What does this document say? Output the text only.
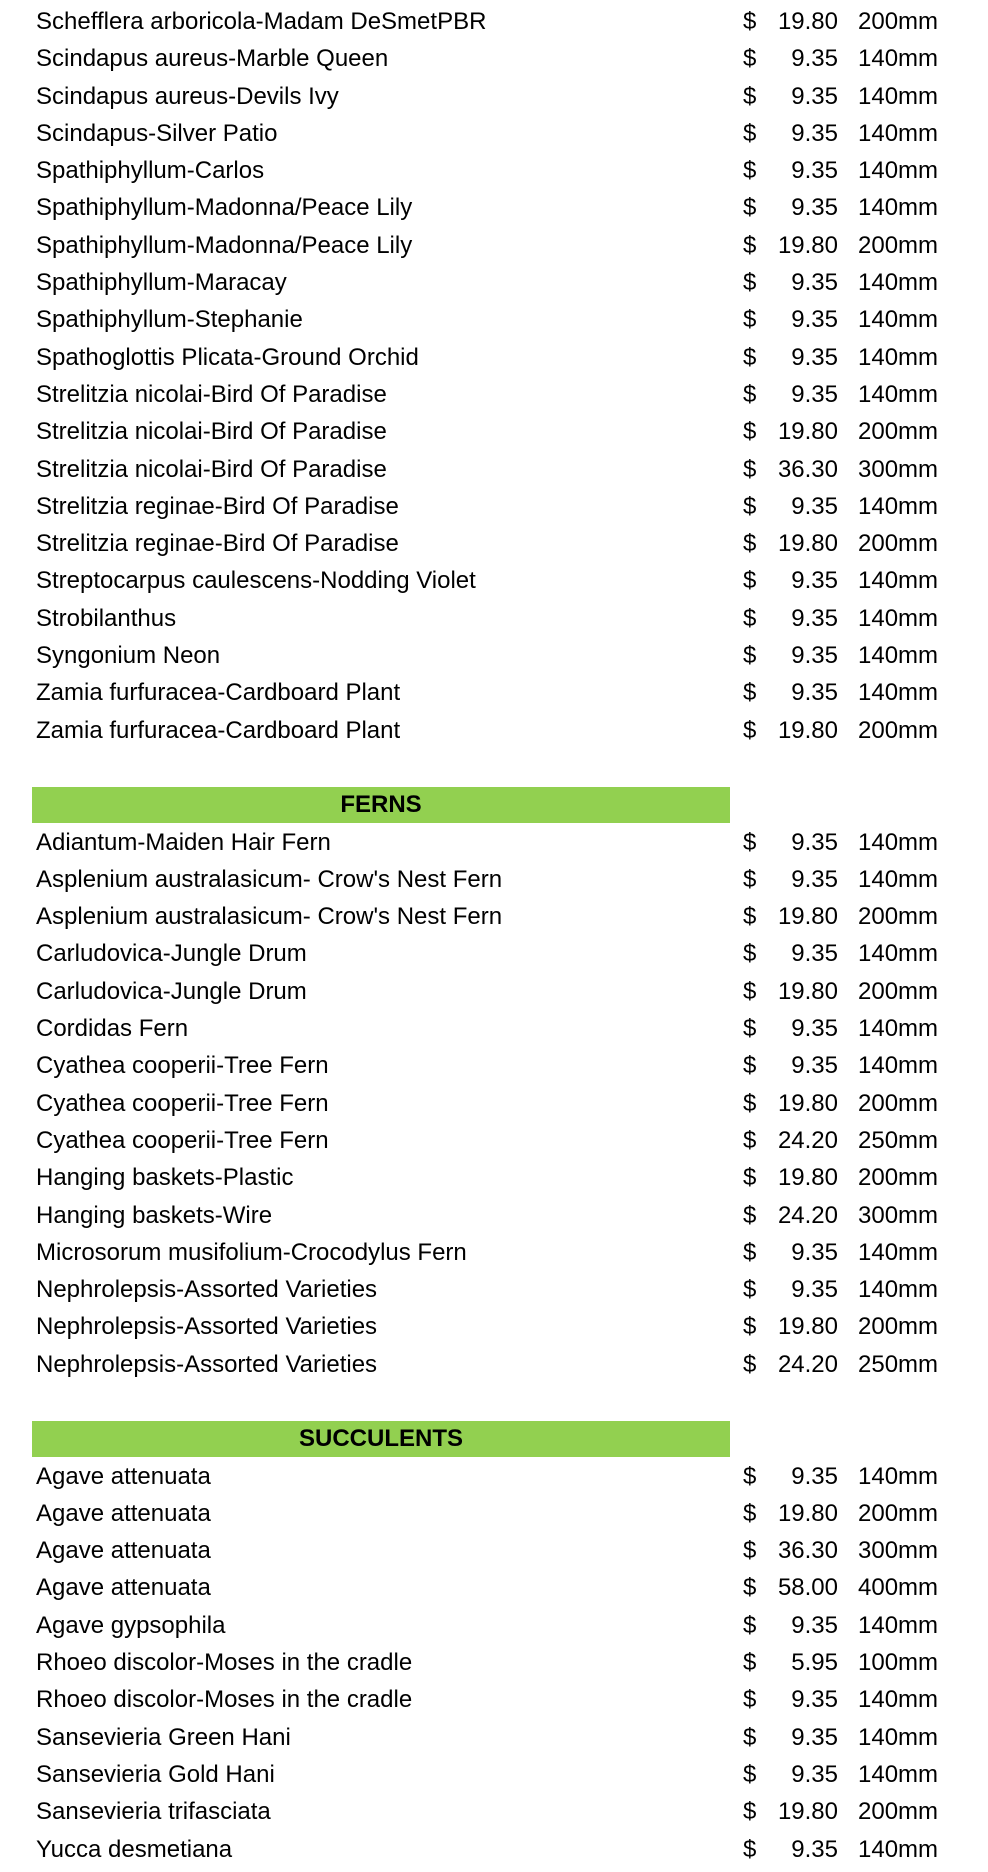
Schefflera arboricola-Madam DeSmetPBR	$ 19.80 200mm
Scindapus aureus-Marble Queen	$ 9.35 140mm
Scindapus aureus-Devils Ivy	$ 9.35 140mm
Scindapus-Silver Patio	$ 9.35 140mm
Spathiphyllum-Carlos	$ 9.35 140mm
Spathiphyllum-Madonna/Peace Lily	$ 9.35 140mm
Spathiphyllum-Madonna/Peace Lily	$ 19.80 200mm
Spathiphyllum-Maracay	$ 9.35 140mm
Spathiphyllum-Stephanie	$ 9.35 140mm
Spathoglottis Plicata-Ground Orchid	$ 9.35 140mm
Strelitzia nicolai-Bird Of Paradise	$ 9.35 140mm
Strelitzia nicolai-Bird Of Paradise	$ 19.80 200mm
Strelitzia nicolai-Bird Of Paradise	$ 36.30 300mm
Strelitzia reginae-Bird Of Paradise	$ 9.35 140mm
Strelitzia reginae-Bird Of Paradise	$ 19.80 200mm
Streptocarpus caulescens-Nodding Violet	$ 9.35 140mm
Strobilanthus	$ 9.35 140mm
Syngonium Neon	$ 9.35 140mm
Zamia furfuracea-Cardboard Plant	$ 9.35 140mm
Zamia furfuracea-Cardboard Plant	$ 19.80 200mm
FERNS
Adiantum-Maiden Hair Fern	$ 9.35 140mm
Asplenium australasicum- Crow's Nest Fern	$ 9.35 140mm
Asplenium australasicum- Crow's Nest Fern	$ 19.80 200mm
Carludovica-Jungle Drum	$ 9.35 140mm
Carludovica-Jungle Drum	$ 19.80 200mm
Cordidas Fern	$ 9.35 140mm
Cyathea cooperii-Tree Fern	$ 9.35 140mm
Cyathea cooperii-Tree Fern	$ 19.80 200mm
Cyathea cooperii-Tree Fern	$ 24.20 250mm
Hanging baskets-Plastic	$ 19.80 200mm
Hanging baskets-Wire	$ 24.20 300mm
Microsorum musifolium-Crocodylus Fern	$ 9.35 140mm
Nephrolepsis-Assorted Varieties	$ 9.35 140mm
Nephrolepsis-Assorted Varieties	$ 19.80 200mm
Nephrolepsis-Assorted Varieties	$ 24.20 250mm
SUCCULENTS
Agave attenuata	$ 9.35 140mm
Agave attenuata	$ 19.80 200mm
Agave attenuata	$ 36.30 300mm
Agave attenuata	$ 58.00 400mm
Agave gypsophila	$ 9.35 140mm
Rhoeo discolor-Moses in the cradle	$ 5.95 100mm
Rhoeo discolor-Moses in the cradle	$ 9.35 140mm
Sansevieria Green Hani	$ 9.35 140mm
Sansevieria Gold Hani	$ 9.35 140mm
Sansevieria trifasciata	$ 19.80 200mm
Yucca desmetiana	$ 9.35 140mm
